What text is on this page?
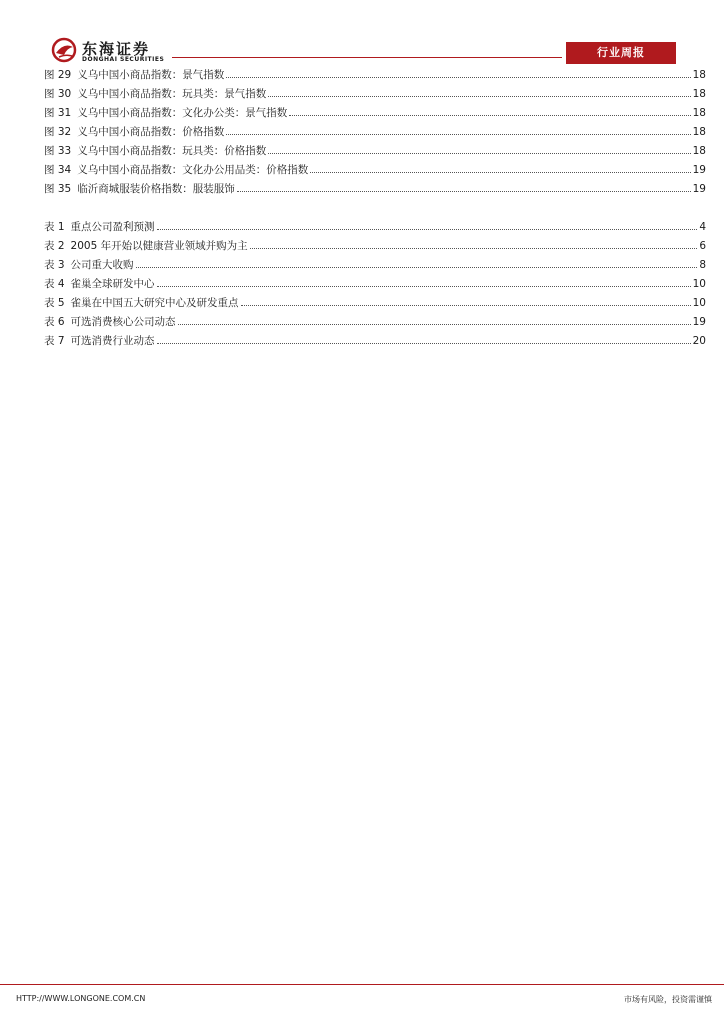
东海证券
DONGHAI SECURITIES
行业周报
图 29 义乌中国小商品指数：景气指数	18
图 30 义乌中国小商品指数：玩具类：景气指数	18
图 31 义乌中国小商品指数：文化办公类：景气指数	18
图 32 义乌中国小商品指数：价格指数	18
图 33 义乌中国小商品指数：玩具类：价格指数	18
图 34 义乌中国小商品指数：文化办公用品类：价格指数	19
图 35 临沂商城服装价格指数：服装服饰	19
表 1 重点公司盈利预测	4
表 2 2005 年开始以健康营业领域并购为主	6
表 3 公司重大收购	8
表 4 雀巢全球研发中心	10
表 5 雀巢在中国五大研究中心及研发重点	10
表 6 可选消费核心公司动态	19
表 7 可选消费行业动态	20
HTTP://WWW.LONGONE.COM.CN	市场有风险，投资需谨慎
